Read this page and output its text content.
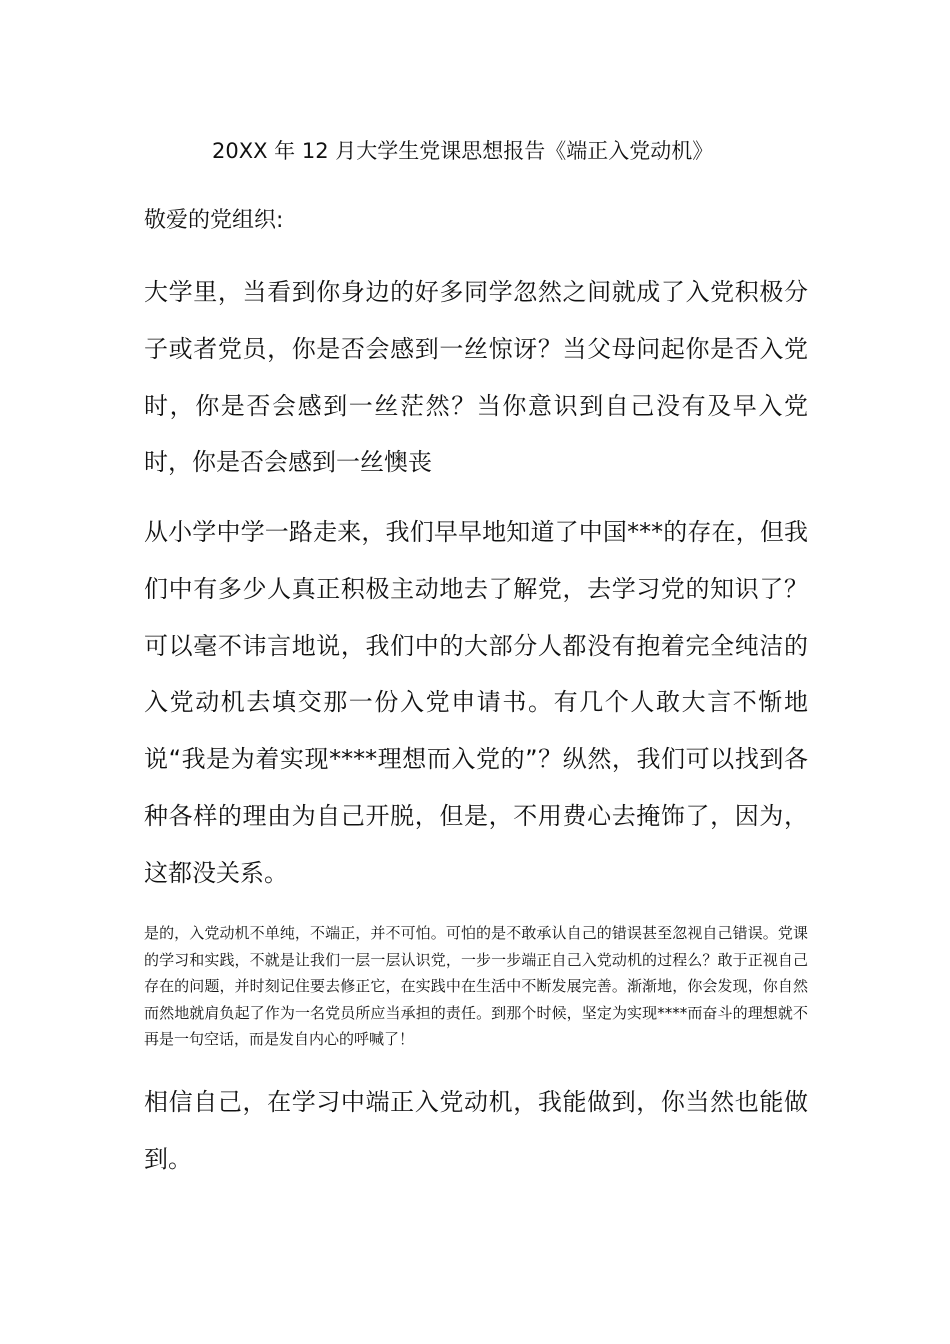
20XX 年 12 月大学生党课思想报告《端正入党动机》

敬爱的党组织:

大学里，当看到你身边的好多同学忽然之间就成了入党积极分子或者党员，你是否会感到一丝惊讶？当父母问起你是否入党时，你是否会感到一丝茫然？当你意识到自己没有及早入党时，你是否会感到一丝懊丧

从小学中学一路走来，我们早早地知道了中国***的存在，但我们中有多少人真正积极主动地去了解党，去学习党的知识了？可以毫不讳言地说，我们中的大部分人都没有抱着完全纯洁的入党动机去填交那一份入党申请书。有几个人敢大言不惭地说“我是为着实现****理想而入党的”？纵然，我们可以找到各种各样的理由为自己开脱，但是，不用费心去掩饰了，因为，这都没关系。

是的，入党动机不单纯，不端正，并不可怕。可怕的是不敢承认自己的错误甚至忽视自己错误。党课的学习和实践，不就是让我们一层一层认识党，一步一步端正自己入党动机的过程么？敢于正视自己存在的问题，并时刻记住要去修正它，在实践中在生活中不断发展完善。渐渐地，你会发现，你自然而然地就肩负起了作为一名党员所应当承担的责任。到那个时候，坚定为实现****而奋斗的理想就不再是一句空话，而是发自内心的呼喊了！

相信自己，在学习中端正入党动机，我能做到，你当然也能做到。
